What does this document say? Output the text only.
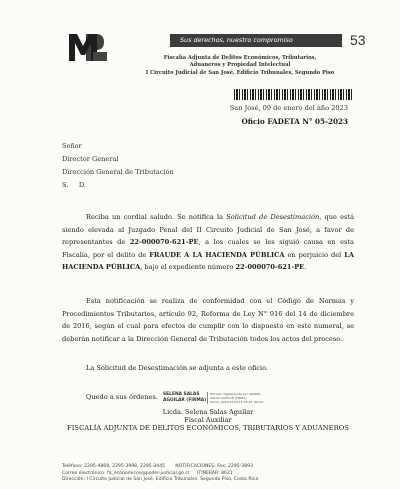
Sus derechos, nuestro compromiso	53
Fiscalía Adjunta de Delitos Económicos, Tributarios,
Aduaneros y Propiedad Intelectual
I Circuito Judicial de San José, Edificio Tribunales, Segundo Piso
San José, 09 de enero del año 2023
Oficio FADETA N° 05-2023
Señor
Director General
Dirección General de Tributación
S.     D.
Reciba un cordial saludo. Se notifica la Solicitud de Desestimación, que está siendo elevada al Juzgado Penal del II Circuito Judicial de San José, a favor de representantes de 22-000070-621-PE, a los cuales se les siguió causa en esta Fiscalía, por el delito de FRAUDE A LA HACIENDA PÚBLICA en perjuicio del LA HACIENDA PÚBLICA, bajo el expediente número 22-000070-621-PE.
Esta notificación se realiza de conformidad con el Código de Normas y Procedimientos Tributarios, artículo 92, Reforma de Ley N° 916 del 14 de diciembre de 2016, según el cual para efectos de cumplir con lo dispuesto en este numeral, se deberán notificar a la Dirección General de Tributación todos los actos del proceso.
La Solicitud de Desestimación se adjunta a este oficio.
Quedo a sus órdenes. SELENA SALAS
AGUILAR (FIRMA)
Firmado digitalmente por SELENA
SALAS AGUILAR (FIRMA)
Fecha: 2023.01.09 11:03:45 -06'00'
Licda. Selena Salas Aguilar
Fiscal Auxiliar
FISCALÍA ADJUNTA DE DELITOS ECONÓMICOS, TRIBUTARIOS Y ADUANEROS
Teléfono: 2295-4868, 2295-3998, 2295-3445       NOTIFICACIONES: Fax: 2295-3893
Correo electrónico: fa_economicos@poder-judicial.go.cr     ITINERAR: 8621
Dirección: I Circuito Judicial de San José, Edificio Tribunales, Segundo Piso, Costa Rica
